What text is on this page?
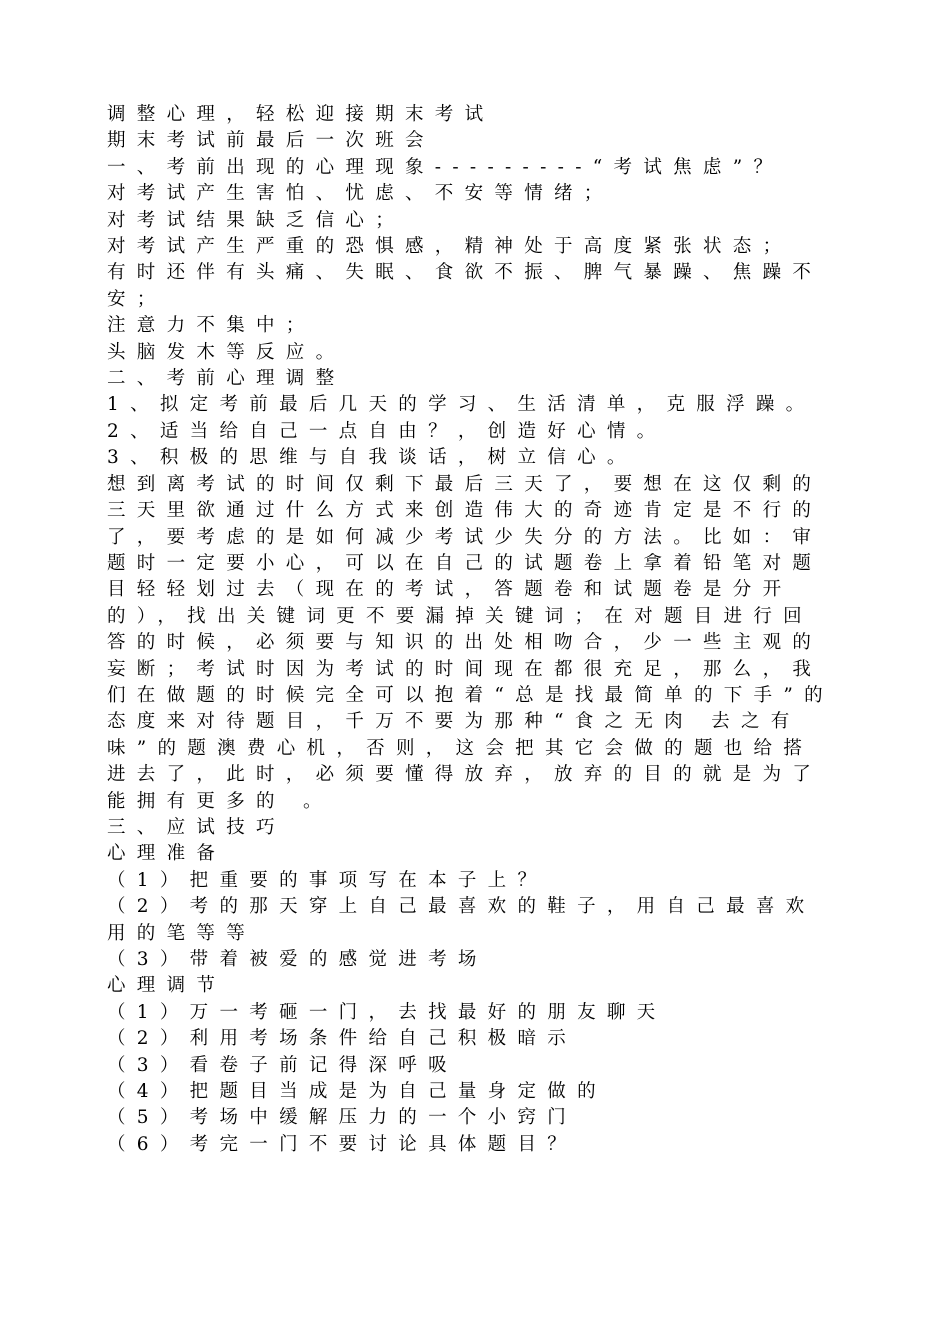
调整心理，轻松迎接期末考试
期末考试前最后一次班会
一、考前出现的心理现象---------“考试焦虑”？
对考试产生害怕、忧虑、不安等情绪；
对考试结果缺乏信心；
对考试产生严重的恐惧感，精神处于高度紧张状态；
有时还伴有头痛、失眠、食欲不振、脾气暴躁、焦躁不安；
注意力不集中；
头脑发木等反应。
二、考前心理调整
1、拟定考前最后几天的学习、生活清单，克服浮躁。
2、适当给自己一点自由？，创造好心情。
3、积极的思维与自我谈话，树立信心。
想到离考试的时间仅剩下最后三天了，要想在这仅剩的三天里欲通过什么方式来创造伟大的奇迹肯定是不行的了，要考虑的是如何减少考试少失分的方法。比如：审题时一定要小心，可以在自己的试题卷上拿着铅笔对题目轻轻划过去（现在的考试，答题卷和试题卷是分开的），找出关键词更不要漏掉关键词；在对题目进行回答的时候，必须要与知识的出处相吻合，少一些主观的妄断；考试时因为考试的时间现在都很充足，那么，我们在做题的时候完全可以抱着“总是找最简单的下手”的态度来对待题目，千万不要为那种“食之无肉 去之有味”的题澳费心机，否则，这会把其它会做的题也给搭进去了，此时，必须要懂得放弃，放弃的目的就是为了能拥有更多的 。
三、应试技巧
心理准备
（1）把重要的事项写在本子上？
（2）考的那天穿上自己最喜欢的鞋子，用自己最喜欢用的笔等等
（3）带着被爱的感觉进考场
心理调节
（1）万一考砸一门，去找最好的朋友聊天
（2）利用考场条件给自己积极暗示
（3）看卷子前记得深呼吸
（4）把题目当成是为自己量身定做的
（5）考场中缓解压力的一个小窍门
（6）考完一门不要讨论具体题目？
